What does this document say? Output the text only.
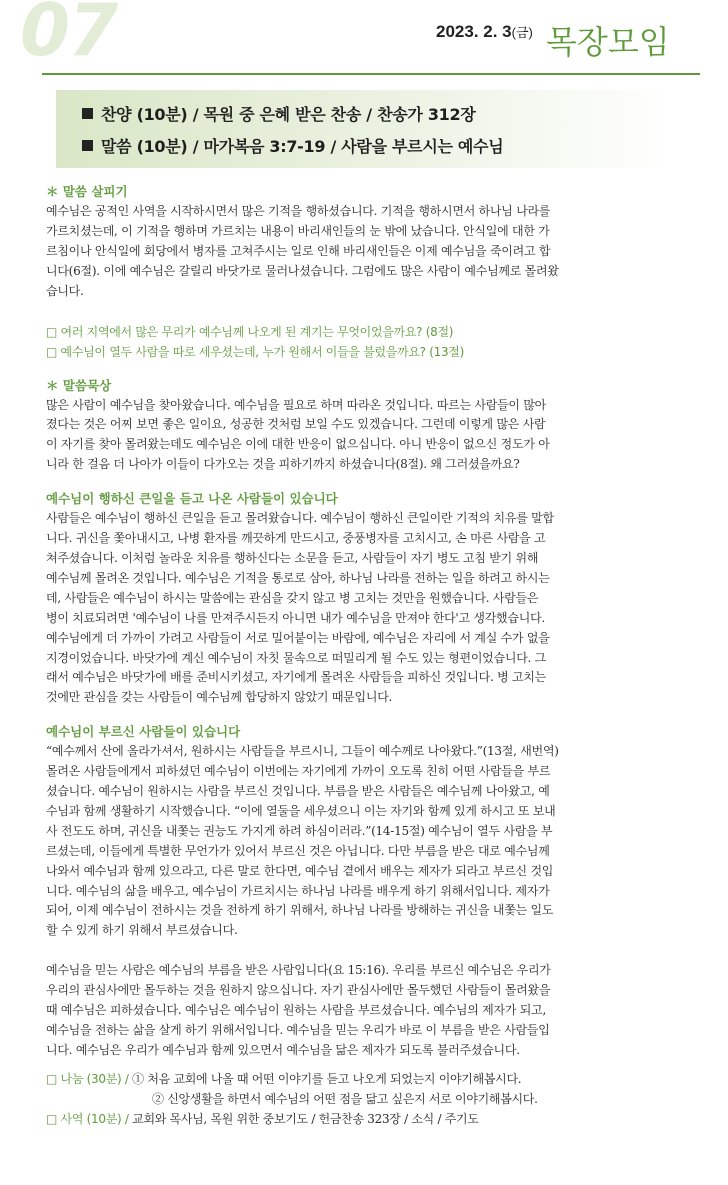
07	2023. 2. 3(금) 목장모임
찬양 (10분) / 목원 중 은혜 받은 찬송 / 찬송가 312장
말씀 (10분) / 마가복음 3:7-19 / 사람을 부르시는 예수님
＊ 말씀 살피기
예수님은 공적인 사역을 시작하시면서 많은 기적을 행하셨습니다. 기적을 행하시면서 하나님 나라를
가르치셨는데, 이 기적을 행하며 가르치는 내용이 바리새인들의 눈 밖에 났습니다. 안식일에 대한 가
르침이나 안식일에 회당에서 병자를 고쳐주시는 일로 인해 바리새인들은 이제 예수님을 죽이려고 합
니다(6절). 이에 예수님은 갈릴리 바닷가로 물러나셨습니다. 그럼에도 많은 사람이 예수님께로 몰려왔
습니다.
□ 여러 지역에서 많은 무리가 예수님께 나오게 된 계기는 무엇이었을까요? (8절)
□ 예수님이 열두 사람을 따로 세우셨는데, 누가 원해서 이들을 불렀을까요? (13절)
＊ 말씀묵상
많은 사람이 예수님을 찾아왔습니다. 예수님을 필요로 하며 따라온 것입니다. 따르는 사람들이 많아
졌다는 것은 어찌 보면 좋은 일이요, 성공한 것처럼 보일 수도 있겠습니다. 그런데 이렇게 많은 사람
이 자기를 찾아 몰려왔는데도 예수님은 이에 대한 반응이 없으십니다. 아니 반응이 없으신 정도가 아
니라 한 걸음 더 나아가 이들이 다가오는 것을 피하기까지 하셨습니다(8절). 왜 그러셨을까요?
예수님이 행하신 큰일을 듣고 나온 사람들이 있습니다
사람들은 예수님이 행하신 큰일을 듣고 몰려왔습니다. 예수님이 행하신 큰일이란 기적의 치유를 말합
니다. 귀신을 쫓아내시고, 나병 환자를 깨끗하게 만드시고, 중풍병자를 고치시고, 손 마른 사람을 고
쳐주셨습니다. 이처럼 놀라운 치유를 행하신다는 소문을 듣고, 사람들이 자기 병도 고침 받기 위해
예수님께 몰려온 것입니다. 예수님은 기적을 통로로 삼아, 하나님 나라를 전하는 일을 하려고 하시는
데, 사람들은 예수님이 하시는 말씀에는 관심을 갖지 않고 병 고치는 것만을 원했습니다. 사람들은
병이 치료되려면 '예수님이 나를 만져주시든지 아니면 내가 예수님을 만져야 한다'고 생각했습니다.
예수님에게 더 가까이 가려고 사람들이 서로 밀어붙이는 바람에, 예수님은 자리에 서 계실 수가 없을
지경이었습니다. 바닷가에 계신 예수님이 자칫 물속으로 떠밀리게 될 수도 있는 형편이었습니다. 그
래서 예수님은 바닷가에 배를 준비시키셨고, 자기에게 몰려온 사람들을 피하신 것입니다. 병 고치는
것에만 관심을 갖는 사람들이 예수님께 합당하지 않았기 때문입니다.
예수님이 부르신 사람들이 있습니다
“예수께서 산에 올라가셔서, 원하시는 사람들을 부르시니, 그들이 예수께로 나아왔다.”(13절, 새번역)
몰려온 사람들에게서 피하셨던 예수님이 이번에는 자기에게 가까이 오도록 친히 어떤 사람들을 부르
셨습니다. 예수님이 원하시는 사람을 부르신 것입니다. 부름을 받은 사람들은 예수님께 나아왔고, 예
수님과 함께 생활하기 시작했습니다. “이에 열둘을 세우셨으니 이는 자기와 함께 있게 하시고 또 보내
사 전도도 하며, 귀신을 내쫓는 권능도 가지게 하려 하심이러라.”(14-15절) 예수님이 열두 사람을 부
르셨는데, 이들에게 특별한 무언가가 있어서 부르신 것은 아닙니다. 다만 부름을 받은 대로 예수님께
나와서 예수님과 함께 있으라고, 다른 말로 한다면, 예수님 곁에서 배우는 제자가 되라고 부르신 것입
니다. 예수님의 삶을 배우고, 예수님이 가르치시는 하나님 나라를 배우게 하기 위해서입니다. 제자가
되어, 이제 예수님이 전하시는 것을 전하게 하기 위해서, 하나님 나라를 방해하는 귀신을 내쫓는 일도
할 수 있게 하기 위해서 부르셨습니다.
예수님을 믿는 사람은 예수님의 부름을 받은 사람입니다(요 15:16). 우리를 부르신 예수님은 우리가
우리의 관심사에만 몰두하는 것을 원하지 않으십니다. 자기 관심사에만 몰두했던 사람들이 몰려왔을
때 예수님은 피하셨습니다. 예수님은 예수님이 원하는 사람을 부르셨습니다. 예수님의 제자가 되고,
예수님을 전하는 삶을 살게 하기 위해서입니다. 예수님을 믿는 우리가 바로 이 부름을 받은 사람들입
니다. 예수님은 우리가 예수님과 함께 있으면서 예수님을 닮은 제자가 되도록 불러주셨습니다.
□ 나눔 (30분) / ① 처음 교회에 나올 때 어떤 이야기를 듣고 나오게 되었는지 이야기해봅시다.
② 신앙생활을 하면서 예수님의 어떤 점을 닮고 싶은지 서로 이야기해봅시다.
□ 사역 (10분) / 교회와 목사님, 목원 위한 중보기도 / 헌금찬송 323장 / 소식 / 주기도
